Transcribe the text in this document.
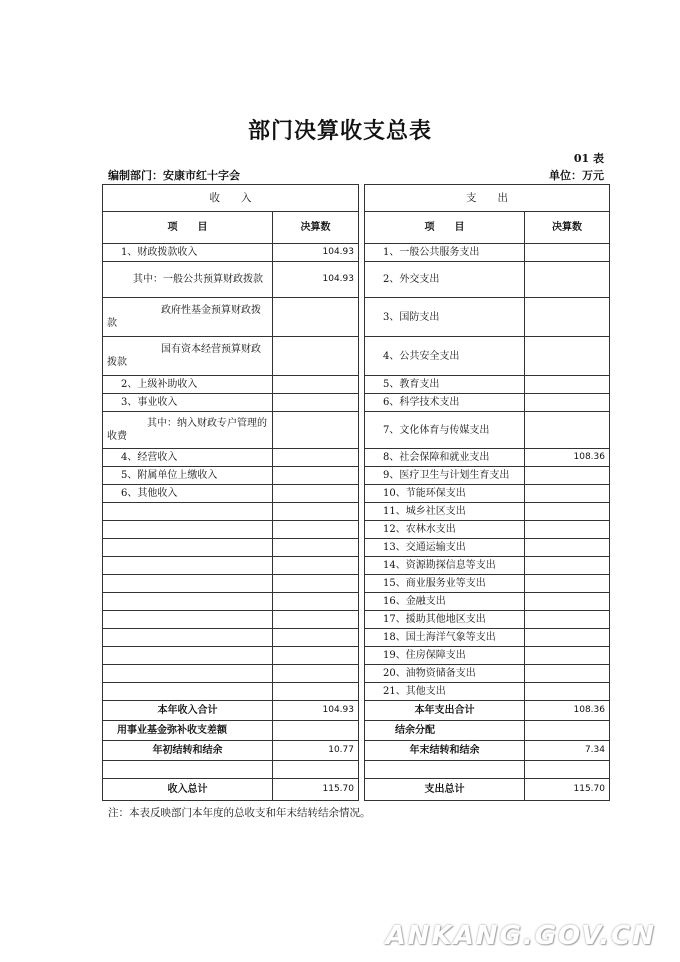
部门决算收支总表
01 表
编制部门：安康市红十字会	单位：万元
收　　入			支　　出	
项　　目	决算数		项　　目	决算数
1、财政拨款收入	104.93		1、一般公共服务支出	
其中：一般公共预算财政拨款	104.93		2、外交支出	
政府性基金预算财政拨款			3、国防支出	
国有资本经营预算财政拨款			4、公共安全支出	
2、上级补助收入			5、教育支出	
3、事业收入			6、科学技术支出	
其中：纳入财政专户管理的收费			7、文化体育与传媒支出	
4、经营收入			8、社会保障和就业支出	108.36
5、附属单位上缴收入			9、医疗卫生与计划生育支出	
6、其他收入			10、节能环保支出	
			11、城乡社区支出	
			12、农林水支出	
			13、交通运输支出	
			14、资源勘探信息等支出	
			15、商业服务业等支出	
			16、金融支出	
			17、援助其他地区支出	
			18、国土海洋气象等支出	
			19、住房保障支出	
			20、油物资储备支出	
			21、其他支出	
本年收入合计	104.93		本年支出合计	108.36
用事业基金弥补收支差额			结余分配	
年初结转和结余	10.77		年末结转和结余	7.34

收入总计	115.70		支出总计	115.70
注：本表反映部门本年度的总收支和年末结转结余情况。
ANKANG.GOV.CN
